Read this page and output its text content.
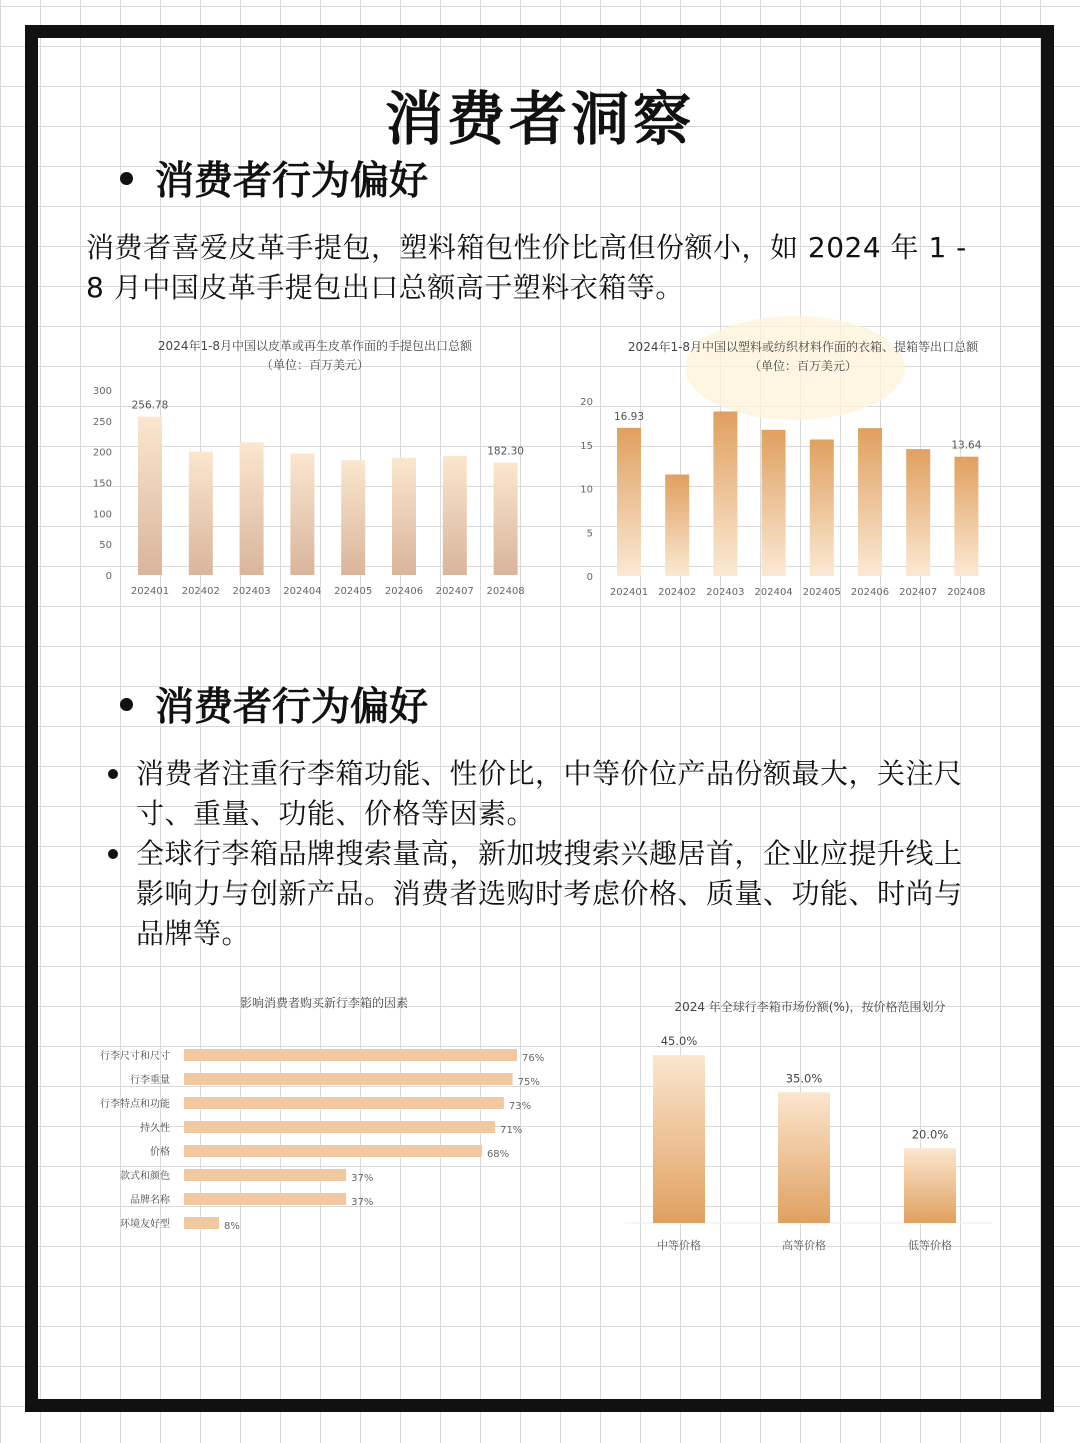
消费者洞察
消费者行为偏好

消费者喜爱皮革手提包，塑料箱包性价比高但份额小，如 2024 年 1 - 8 月中国皮革手提包出口总额高于塑料衣箱等。

2024年1-8月中国以皮革或再生皮革作面的手提包出口总额
（单位：百万美元）
0
50
100
150
200
250
300
256.78
182.30
202401 202402 202403 202404 202405 202406 202407 202408
2024年1-8月中国以塑料或纺织材料作面的衣箱、提箱等出口总额
（单位：百万美元）
0
5
10
15
20
16.93
13.64
202401 202402 202403 202404 202405 202406 202407 202408
消费者行为偏好
消费者注重行李箱功能、性价比，中等价位产品份额最大，关注尺寸、重量、功能、价格等因素。
全球行李箱品牌搜索量高，新加坡搜索兴趣居首，企业应提升线上影响力与创新产品。消费者选购时考虑价格、质量、功能、时尚与品牌等。
影响消费者购买新行李箱的因素
行李尺寸和尺寸
行李重量
行李特点和功能
持久性
价格
款式和颜色
品牌名称
环境友好型
76%
75%
73%
71%
68%
37%
37%
8%
2024 年全球行李箱市场份额(%)，按价格范围划分
45.0%
35.0%
20.0%
中等价格	高等价格	低等价格
